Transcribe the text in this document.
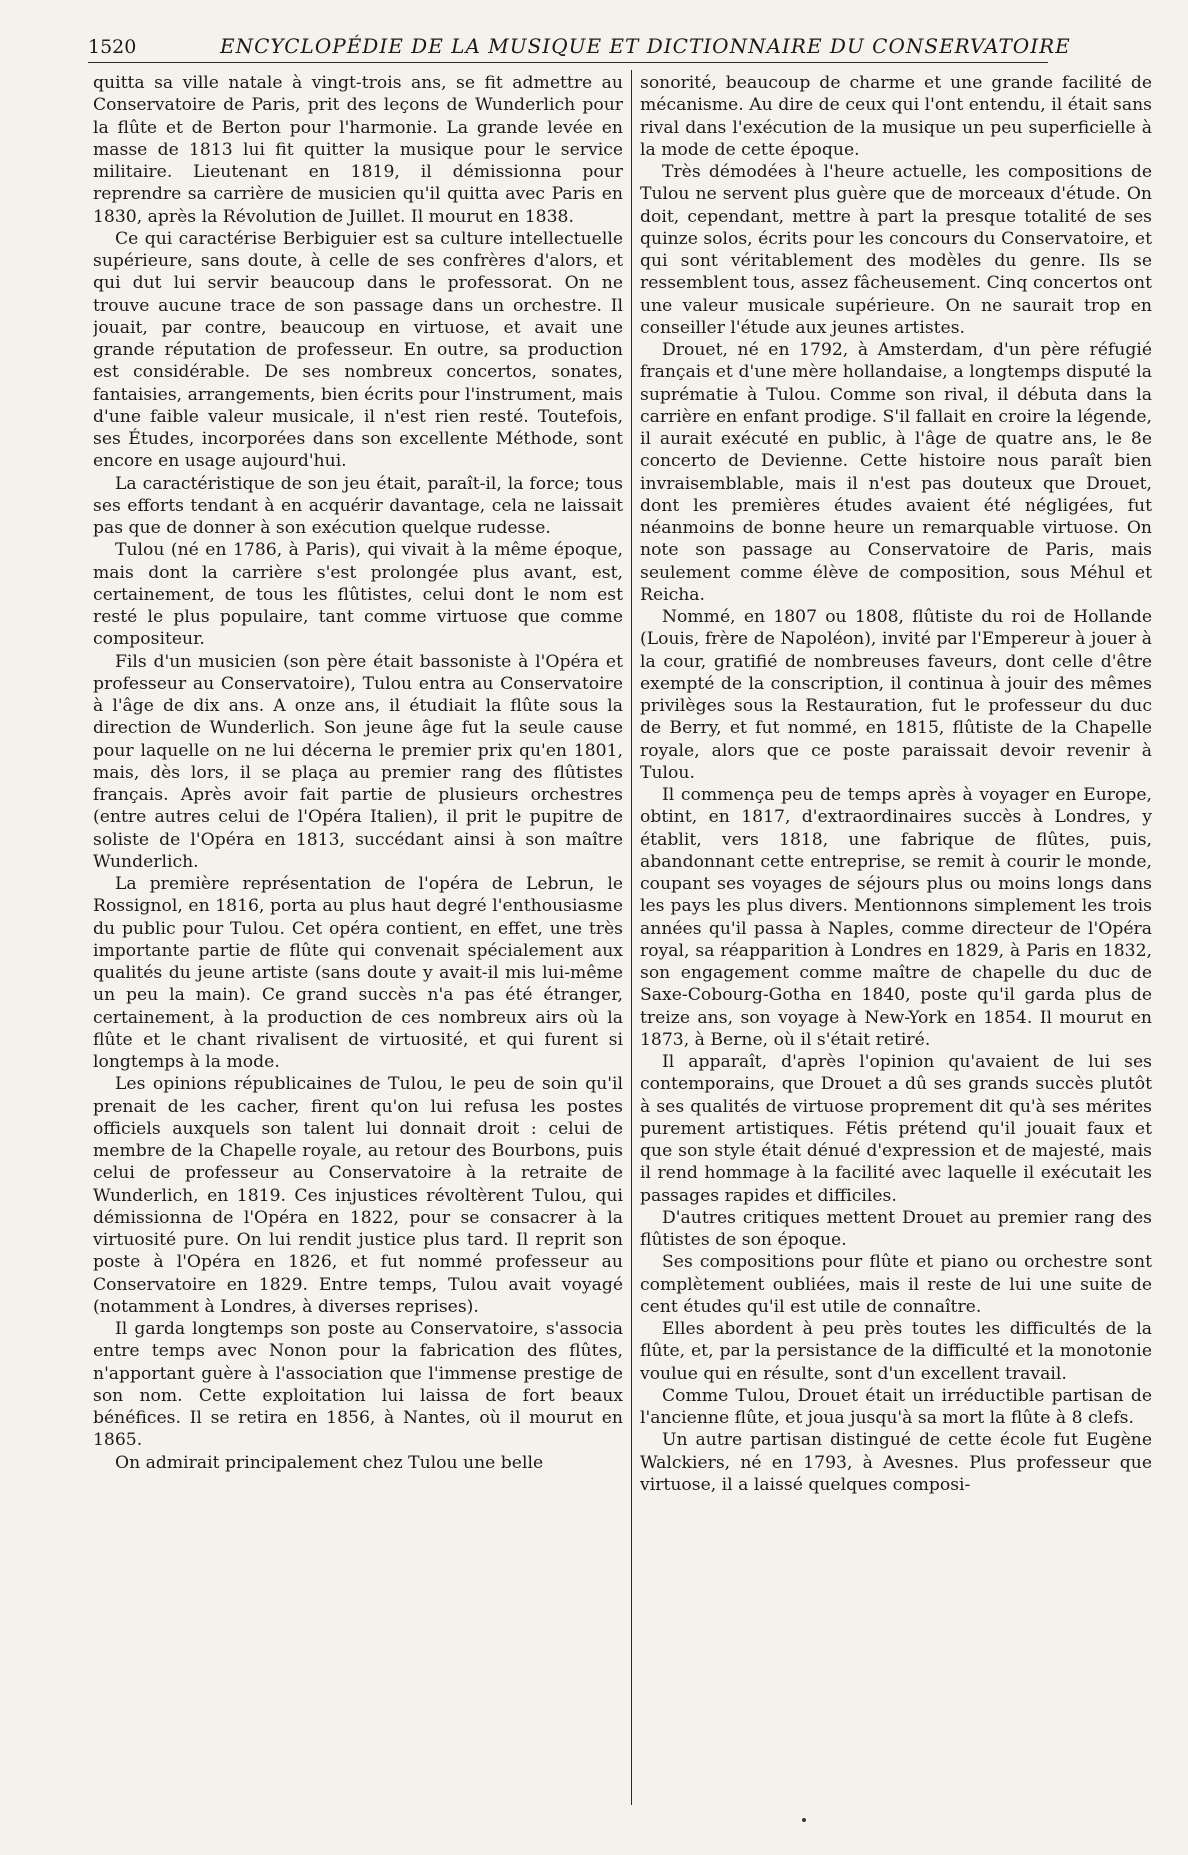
1520	ENCYCLOPÉDIE DE LA MUSIQUE ET DICTIONNAIRE DU CONSERVATOIRE

quitta sa ville natale à vingt-trois ans, se fit admettre au Conservatoire de Paris, prit des leçons de Wunderlich pour la flûte et de Berton pour l'harmonie. La grande levée en masse de 1813 lui fit quitter la musique pour le service militaire. Lieutenant en 1819, il démissionna pour reprendre sa carrière de musicien qu'il quitta avec Paris en 1830, après la Révolution de Juillet. Il mourut en 1838.

Ce qui caractérise Berbiguier est sa culture intellectuelle supérieure, sans doute, à celle de ses confrères d'alors, et qui dut lui servir beaucoup dans le professorat. On ne trouve aucune trace de son passage dans un orchestre. Il jouait, par contre, beaucoup en virtuose, et avait une grande réputation de professeur. En outre, sa production est considérable. De ses nombreux concertos, sonates, fantaisies, arrangements, bien écrits pour l'instrument, mais d'une faible valeur musicale, il n'est rien resté. Toutefois, ses Études, incorporées dans son excellente Méthode, sont encore en usage aujourd'hui.

La caractéristique de son jeu était, paraît-il, la force; tous ses efforts tendant à en acquérir davantage, cela ne laissait pas que de donner à son exécution quelque rudesse.

Tulou (né en 1786, à Paris), qui vivait à la même époque, mais dont la carrière s'est prolongée plus avant, est, certainement, de tous les flûtistes, celui dont le nom est resté le plus populaire, tant comme virtuose que comme compositeur.

Fils d'un musicien (son père était bassoniste à l'Opéra et professeur au Conservatoire), Tulou entra au Conservatoire à l'âge de dix ans. A onze ans, il étudiait la flûte sous la direction de Wunderlich. Son jeune âge fut la seule cause pour laquelle on ne lui décerna le premier prix qu'en 1801, mais, dès lors, il se plaça au premier rang des flûtistes français. Après avoir fait partie de plusieurs orchestres (entre autres celui de l'Opéra Italien), il prit le pupitre de soliste de l'Opéra en 1813, succédant ainsi à son maître Wunderlich.

La première représentation de l'opéra de Lebrun, le Rossignol, en 1816, porta au plus haut degré l'enthousiasme du public pour Tulou. Cet opéra contient, en effet, une très importante partie de flûte qui convenait spécialement aux qualités du jeune artiste (sans doute y avait-il mis lui-même un peu la main). Ce grand succès n'a pas été étranger, certainement, à la production de ces nombreux airs où la flûte et le chant rivalisent de virtuosité, et qui furent si longtemps à la mode.

Les opinions républicaines de Tulou, le peu de soin qu'il prenait de les cacher, firent qu'on lui refusa les postes officiels auxquels son talent lui donnait droit : celui de membre de la Chapelle royale, au retour des Bourbons, puis celui de professeur au Conservatoire à la retraite de Wunderlich, en 1819. Ces injustices révoltèrent Tulou, qui démissionna de l'Opéra en 1822, pour se consacrer à la virtuosité pure. On lui rendit justice plus tard. Il reprit son poste à l'Opéra en 1826, et fut nommé professeur au Conservatoire en 1829. Entre temps, Tulou avait voyagé (notamment à Londres, à diverses reprises).

Il garda longtemps son poste au Conservatoire, s'associa entre temps avec Nonon pour la fabrication des flûtes, n'apportant guère à l'association que l'immense prestige de son nom. Cette exploitation lui laissa de fort beaux bénéfices. Il se retira en 1856, à Nantes, où il mourut en 1865.

On admirait principalement chez Tulou une belle

sonorité, beaucoup de charme et une grande facilité de mécanisme. Au dire de ceux qui l'ont entendu, il était sans rival dans l'exécution de la musique un peu superficielle à la mode de cette époque.

Très démodées à l'heure actuelle, les compositions de Tulou ne servent plus guère que de morceaux d'étude. On doit, cependant, mettre à part la presque totalité de ses quinze solos, écrits pour les concours du Conservatoire, et qui sont véritablement des modèles du genre. Ils se ressemblent tous, assez fâcheusement. Cinq concertos ont une valeur musicale supérieure. On ne saurait trop en conseiller l'étude aux jeunes artistes.

Drouet, né en 1792, à Amsterdam, d'un père réfugié français et d'une mère hollandaise, a longtemps disputé la suprématie à Tulou. Comme son rival, il débuta dans la carrière en enfant prodige. S'il fallait en croire la légende, il aurait exécuté en public, à l'âge de quatre ans, le 8e concerto de Devienne. Cette histoire nous paraît bien invraisemblable, mais il n'est pas douteux que Drouet, dont les premières études avaient été négligées, fut néanmoins de bonne heure un remarquable virtuose. On note son passage au Conservatoire de Paris, mais seulement comme élève de composition, sous Méhul et Reicha.

Nommé, en 1807 ou 1808, flûtiste du roi de Hollande (Louis, frère de Napoléon), invité par l'Empereur à jouer à la cour, gratifié de nombreuses faveurs, dont celle d'être exempté de la conscription, il continua à jouir des mêmes privilèges sous la Restauration, fut le professeur du duc de Berry, et fut nommé, en 1815, flûtiste de la Chapelle royale, alors que ce poste paraissait devoir revenir à Tulou.

Il commença peu de temps après à voyager en Europe, obtint, en 1817, d'extraordinaires succès à Londres, y établit, vers 1818, une fabrique de flûtes, puis, abandonnant cette entreprise, se remit à courir le monde, coupant ses voyages de séjours plus ou moins longs dans les pays les plus divers. Mentionnons simplement les trois années qu'il passa à Naples, comme directeur de l'Opéra royal, sa réapparition à Londres en 1829, à Paris en 1832, son engagement comme maître de chapelle du duc de Saxe-Cobourg-Gotha en 1840, poste qu'il garda plus de treize ans, son voyage à New-York en 1854. Il mourut en 1873, à Berne, où il s'était retiré.

Il apparaît, d'après l'opinion qu'avaient de lui ses contemporains, que Drouet a dû ses grands succès plutôt à ses qualités de virtuose proprement dit qu'à ses mérites purement artistiques. Fétis prétend qu'il jouait faux et que son style était dénué d'expression et de majesté, mais il rend hommage à la facilité avec laquelle il exécutait les passages rapides et difficiles.

D'autres critiques mettent Drouet au premier rang des flûtistes de son époque.

Ses compositions pour flûte et piano ou orchestre sont complètement oubliées, mais il reste de lui une suite de cent études qu'il est utile de connaître.

Elles abordent à peu près toutes les difficultés de la flûte, et, par la persistance de la difficulté et la monotonie voulue qui en résulte, sont d'un excellent travail.

Comme Tulou, Drouet était un irréductible partisan de l'ancienne flûte, et joua jusqu'à sa mort la flûte à 8 clefs.

Un autre partisan distingué de cette école fut Eugène Walckiers, né en 1793, à Avesnes. Plus professeur que virtuose, il a laissé quelques composi-
